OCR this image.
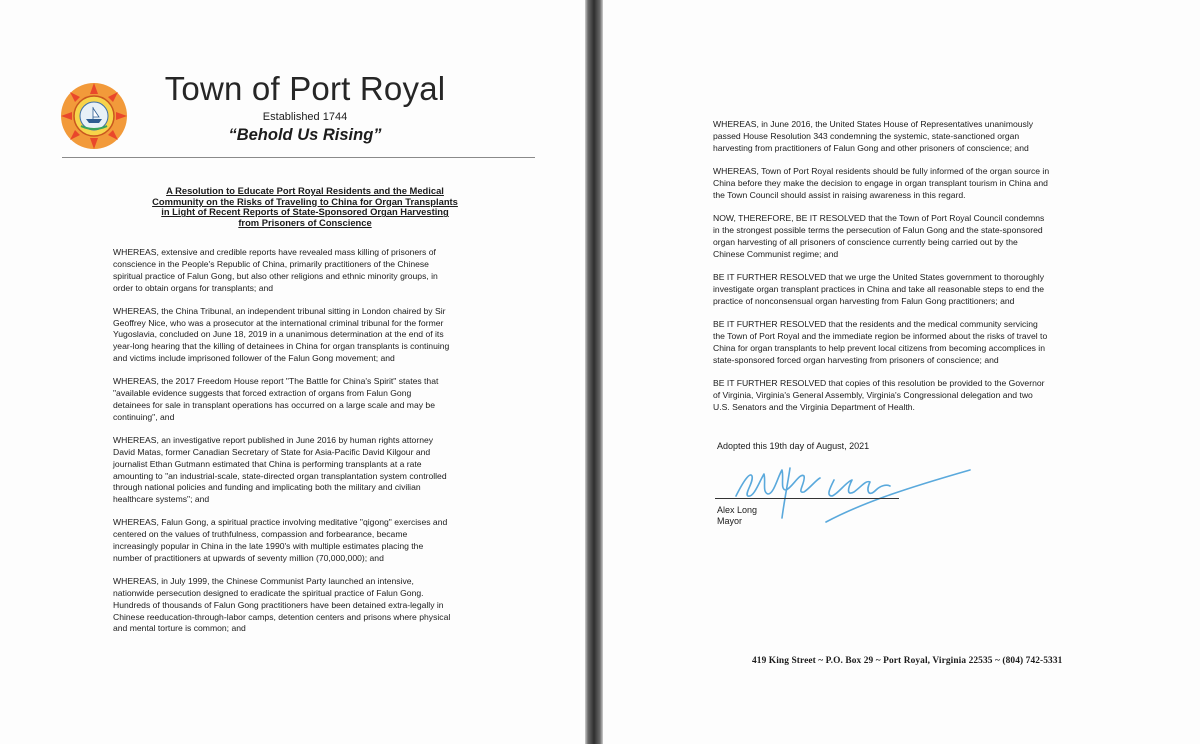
Town of Port Royal
Established 1744
“Behold Us Rising”
A Resolution to Educate Port Royal Residents and the Medical
Community on the Risks of Traveling to China for Organ Transplants
in Light of Recent Reports of State-Sponsored Organ Harvesting
from Prisoners of Conscience

WHEREAS, extensive and credible reports have revealed mass killing of prisoners of
conscience in the People's Republic of China, primarily practitioners of the Chinese
spiritual practice of Falun Gong, but also other religions and ethnic minority groups, in
order to obtain organs for transplants; and

WHEREAS, the China Tribunal, an independent tribunal sitting in London chaired by Sir
Geoffrey Nice, who was a prosecutor at the international criminal tribunal for the former
Yugoslavia, concluded on June 18, 2019 in a unanimous determination at the end of its
year-long hearing that the killing of detainees in China for organ transplants is continuing
and victims include imprisoned follower of the Falun Gong movement; and

WHEREAS, the 2017 Freedom House report "The Battle for China's Spirit" states that
"available evidence suggests that forced extraction of organs from Falun Gong
detainees for sale in transplant operations has occurred on a large scale and may be
continuing", and

WHEREAS, an investigative report published in June 2016 by human rights attorney
David Matas, former Canadian Secretary of State for Asia-Pacific David Kilgour and
journalist Ethan Gutmann estimated that China is performing transplants at a rate
amounting to "an industrial-scale, state-directed organ transplantation system controlled
through national policies and funding and implicating both the military and civilian
healthcare systems"; and

WHEREAS, Falun Gong, a spiritual practice involving meditative "qigong" exercises and
centered on the values of truthfulness, compassion and forbearance, became
increasingly popular in China in the late 1990's with multiple estimates placing the
number of practitioners at upwards of seventy million (70,000,000); and

WHEREAS, in July 1999, the Chinese Communist Party launched an intensive,
nationwide persecution designed to eradicate the spiritual practice of Falun Gong.
Hundreds of thousands of Falun Gong practitioners have been detained extra-legally in
Chinese reeducation-through-labor camps, detention centers and prisons where physical
and mental torture is common; and

WHEREAS, in June 2016, the United States House of Representatives unanimously
passed House Resolution 343 condemning the systemic, state-sanctioned organ
harvesting from practitioners of Falun Gong and other prisoners of conscience; and

WHEREAS, Town of Port Royal residents should be fully informed of the organ source in
China before they make the decision to engage in organ transplant tourism in China and
the Town Council should assist in raising awareness in this regard.

NOW, THEREFORE, BE IT RESOLVED that the Town of Port Royal Council condemns
in the strongest possible terms the persecution of Falun Gong and the state-sponsored
organ harvesting of all prisoners of conscience currently being carried out by the
Chinese Communist regime; and

BE IT FURTHER RESOLVED that we urge the United States government to thoroughly
investigate organ transplant practices in China and take all reasonable steps to end the
practice of nonconsensual organ harvesting from Falun Gong practitioners; and

BE IT FURTHER RESOLVED that the residents and the medical community servicing
the Town of Port Royal and the immediate region be informed about the risks of travel to
China for organ transplants to help prevent local citizens from becoming accomplices in
state-sponsored forced organ harvesting from prisoners of conscience; and

BE IT FURTHER RESOLVED that copies of this resolution be provided to the Governor
of Virginia, Virginia's General Assembly, Virginia's Congressional delegation and two
U.S. Senators and the Virginia Department of Health.

Adopted this 19th day of August, 2021
Alex Long
Mayor
419 King Street ~ P.O. Box 29 ~ Port Royal, Virginia 22535 ~ (804) 742-5331
